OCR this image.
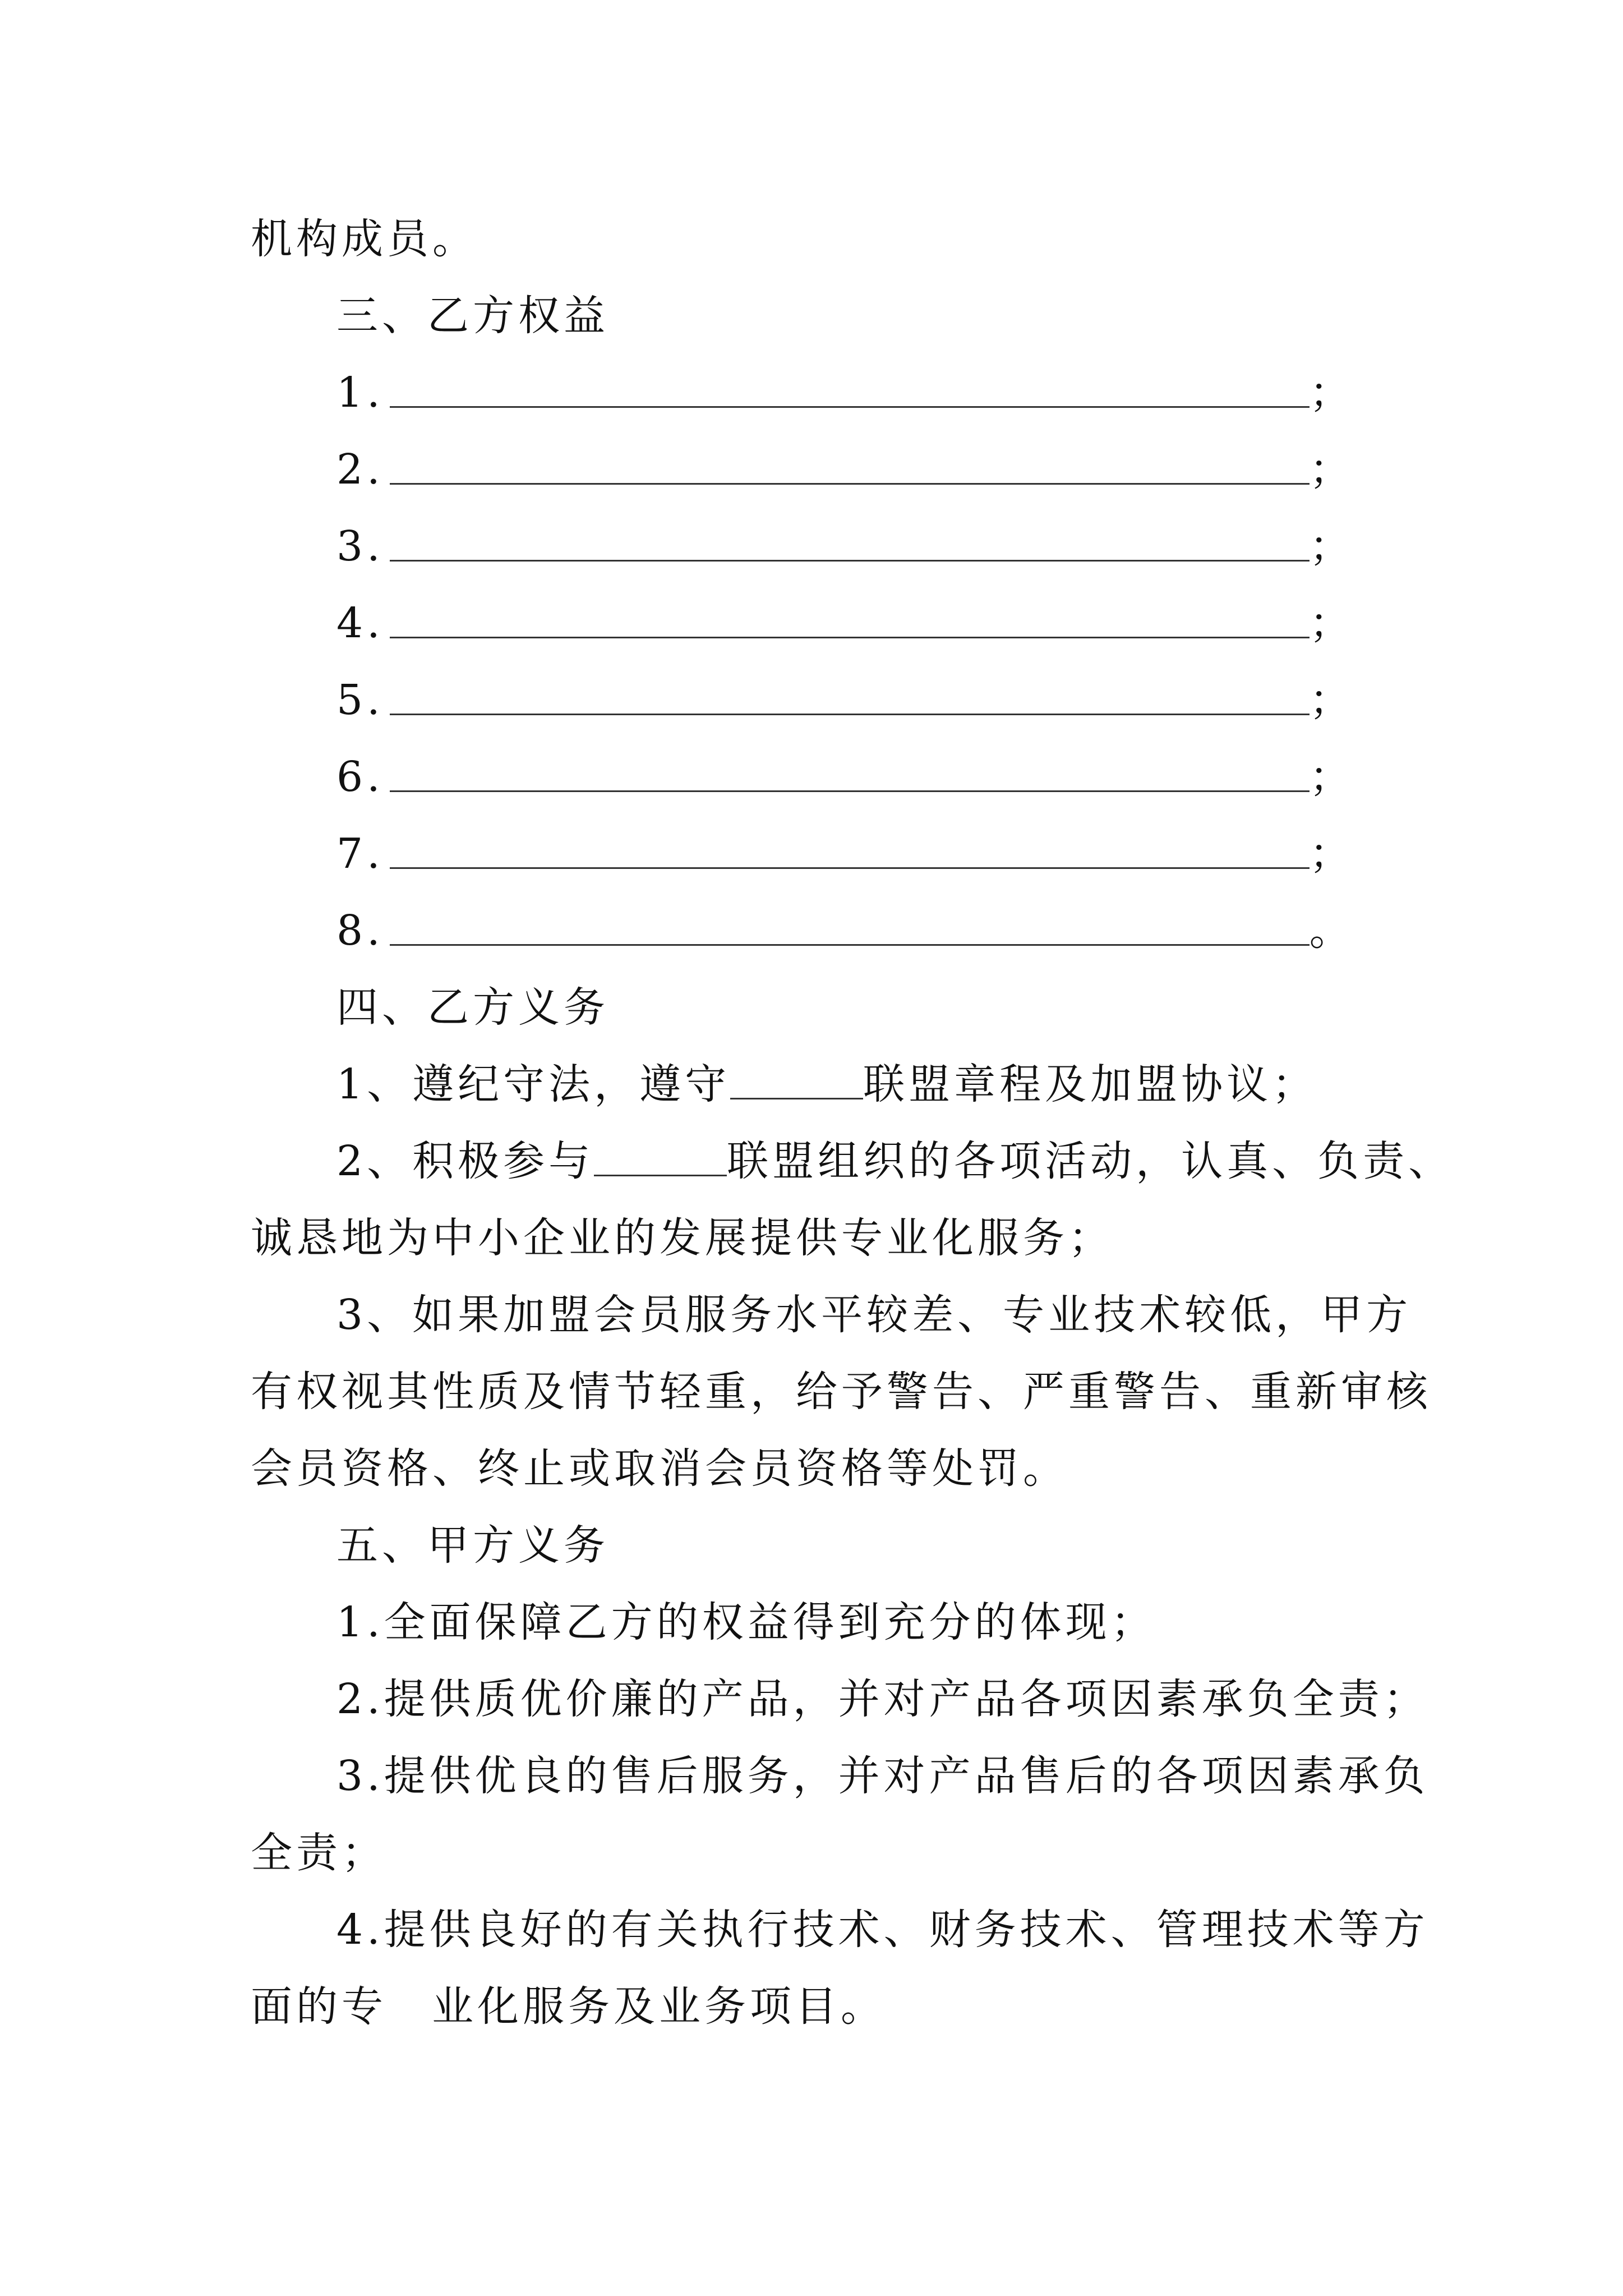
机构成员。
三、乙方权益
1.	；
2.	；
3.	；
4.	；
5.	；
6.	；
7.	；
8.	。
四、乙方义务
1、遵纪守法，遵守	联盟章程及加盟协议；
2、积极参与	联盟组织的各项活动，认真、负责、
诚恳地为中小企业的发展提供专业化服务；
3、如果加盟会员服务水平较差、专业技术较低，甲方
有权视其性质及情节轻重，给予警告、严重警告、重新审核
会员资格、终止或取消会员资格等处罚。
五、甲方义务
1.全面保障乙方的权益得到充分的体现；
2.提供质优价廉的产品，并对产品各项因素承负全责；
3.提供优良的售后服务，并对产品售后的各项因素承负
全责；
4.提供良好的有关执行技术、财务技术、管理技术等方
面的专 业化服务及业务项目。
